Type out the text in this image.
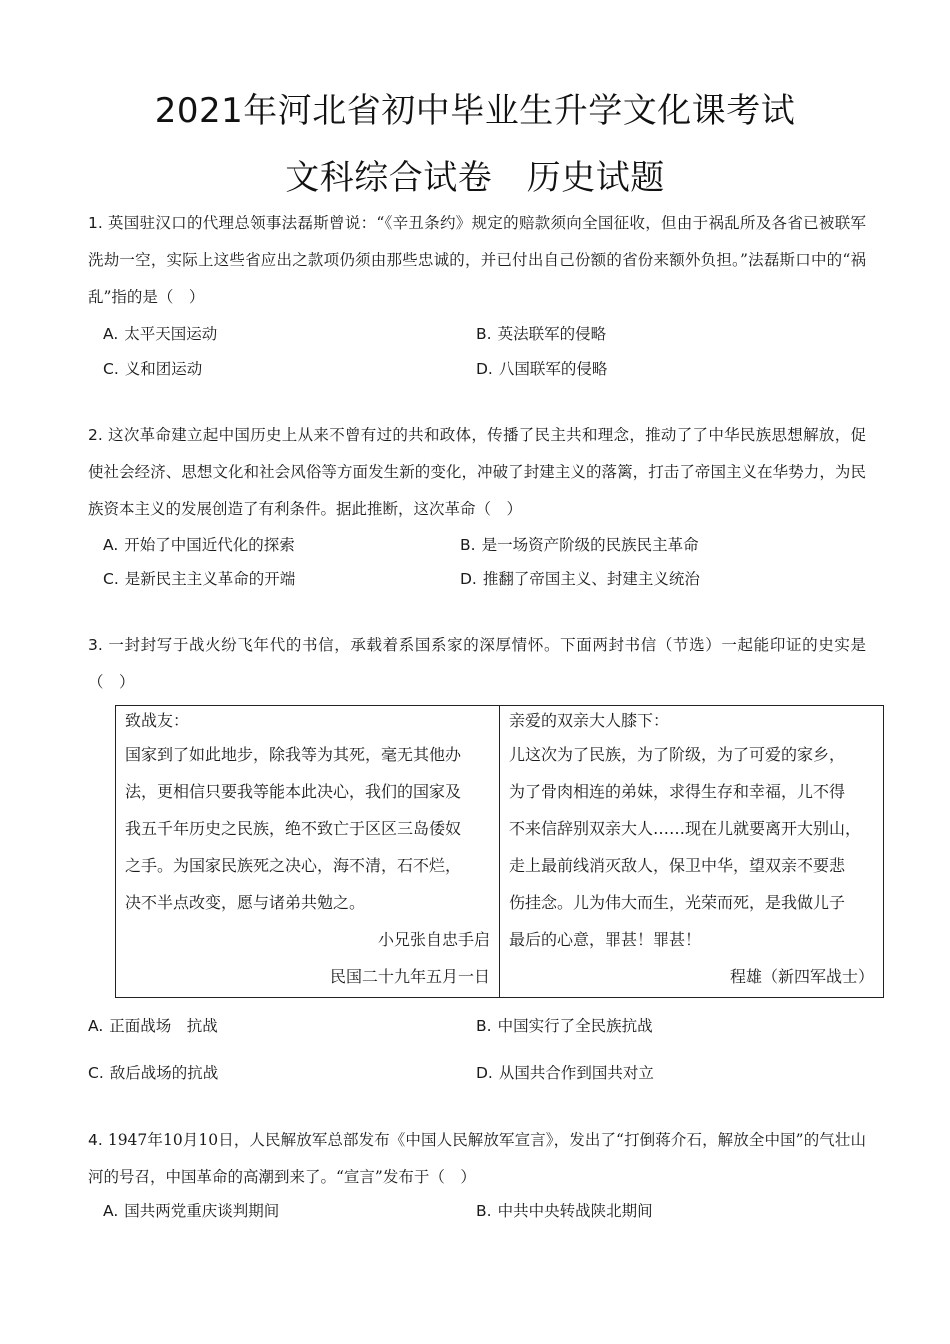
2021年河北省初中毕业生升学文化课考试
文科综合试卷　历史试题

1. 英国驻汉口的代理总领事法磊斯曾说：“《辛丑条约》规定的赔款须向全国征收，但由于祸乱所及各省已被联军洗劫一空，实际上这些省应出之款项仍须由那些忠诚的，并已付出自己份额的省份来额外负担。”法磊斯口中的“祸乱”指的是（　）

A. 太平天国运动	B. 英法联军的侵略
C. 义和团运动	D. 八国联军的侵略

2. 这次革命建立起中国历史上从来不曾有过的共和政体，传播了民主共和理念，推动了了中华民族思想解放，促使社会经济、思想文化和社会风俗等方面发生新的变化，冲破了封建主义的落篱，打击了帝国主义在华势力，为民族资本主义的发展创造了有利条件。据此推断，这次革命（　）

A. 开始了中国近代化的探索	B. 是一场资产阶级的民族民主革命
C. 是新民主主义革命的开端	D. 推翻了帝国主义、封建主义统治

3. 一封封写于战火纷飞年代的书信，承载着系国系家的深厚情怀。下面两封书信（节选）一起能印证的史实是（　）

致战友：
国家到了如此地步，除我等为其死，毫无其他办
法，更相信只要我等能本此决心，我们的国家及
我五千年历史之民族，绝不致亡于区区三岛倭奴
之手。为国家民族死之决心，海不清，石不烂，
决不半点改变，愿与诸弟共勉之。
小兄张自忠手启
民国二十九年五月一日

亲爱的双亲大人膝下：
儿这次为了民族，为了阶级，为了可爱的家乡，
为了骨肉相连的弟妹，求得生存和幸福，儿不得
不来信辞别双亲大人……现在儿就要离开大别山，
走上最前线消灭敌人，保卫中华，望双亲不要悲
伤挂念。儿为伟大而生，光荣而死，是我做儿子
最后的心意，罪甚！罪甚！
程雄（新四军战士）
A. 正面战场　抗战	B. 中国实行了全民族抗战
C. 敌后战场的抗战	D. 从国共合作到国共对立

4. 1947年10月10日，人民解放军总部发布《中国人民解放军宣言》，发出了“打倒蒋介石，解放全中国”的气壮山河的号召，中国革命的高潮到来了。“宣言”发布于（　）

A. 国共两党重庆谈判期间	B. 中共中央转战陕北期间
